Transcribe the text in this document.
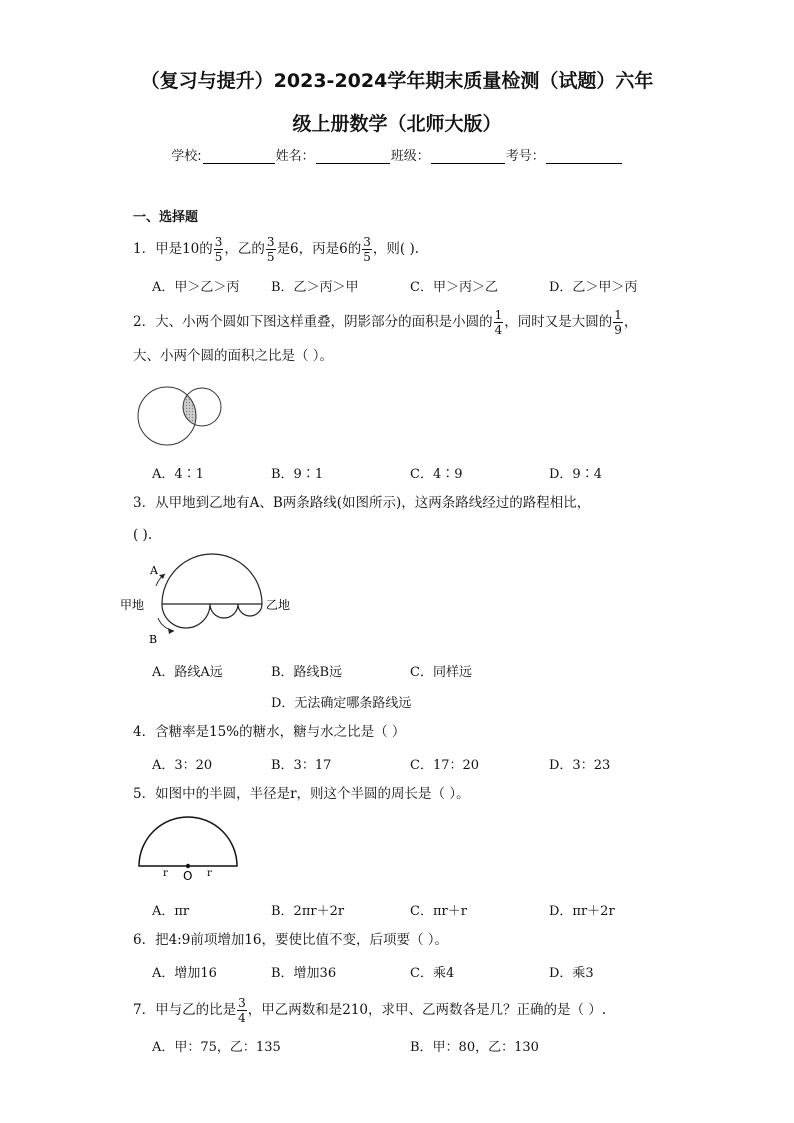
（复习与提升）2023-2024学年期末质量检测（试题）六年
级上册数学（北师大版）
学校:	姓名：	班级：	考号：
一、选择题
1．甲是10的 $\frac{3}{5}$ ，乙的 $\frac{3}{5}$ 是6，丙是6的 $\frac{3}{5}$ ，则( ).
A．甲＞乙＞丙 B．乙＞丙＞甲	C．甲＞丙＞乙	D．乙＞甲＞丙
2．大、小两个圆如下图这样重叠，阴影部分的面积是小圆的 $\frac{1}{4}$ ，同时又是大圆的 $\frac{1}{9}$ ，
大、小两个圆的面积之比是（ ）。
A．4∶1	B．9∶1	C．4∶9	D．9∶4
3．从甲地到乙地有A、B两条路线(如图所示)，这两条路线经过的路程相比，
( ).
A
B
甲地	乙地
A．路线A远	B．路线B远	C．同样远
D．无法确定哪条路线远
4．含糖率是15%的糖水，糖与水之比是（ ）
A．3：20	B．3：17	C．17：20	D．3：23
5．如图中的半圆，半径是r，则这个半圆的周长是（ ）。
r O r
A．πr	B．2πr＋2r	C．πr＋r	D．πr＋2r
6．把4:9前项增加16，要使比值不变，后项要（ ）。
A．增加16	B．增加36	C．乘4	D．乘3
7．甲与乙的比是 $\frac{3}{4}$ ，甲乙两数和是210，求甲、乙两数各是几？正确的是（ ）.
A．甲：75，乙：135	B．甲：80，乙：130
